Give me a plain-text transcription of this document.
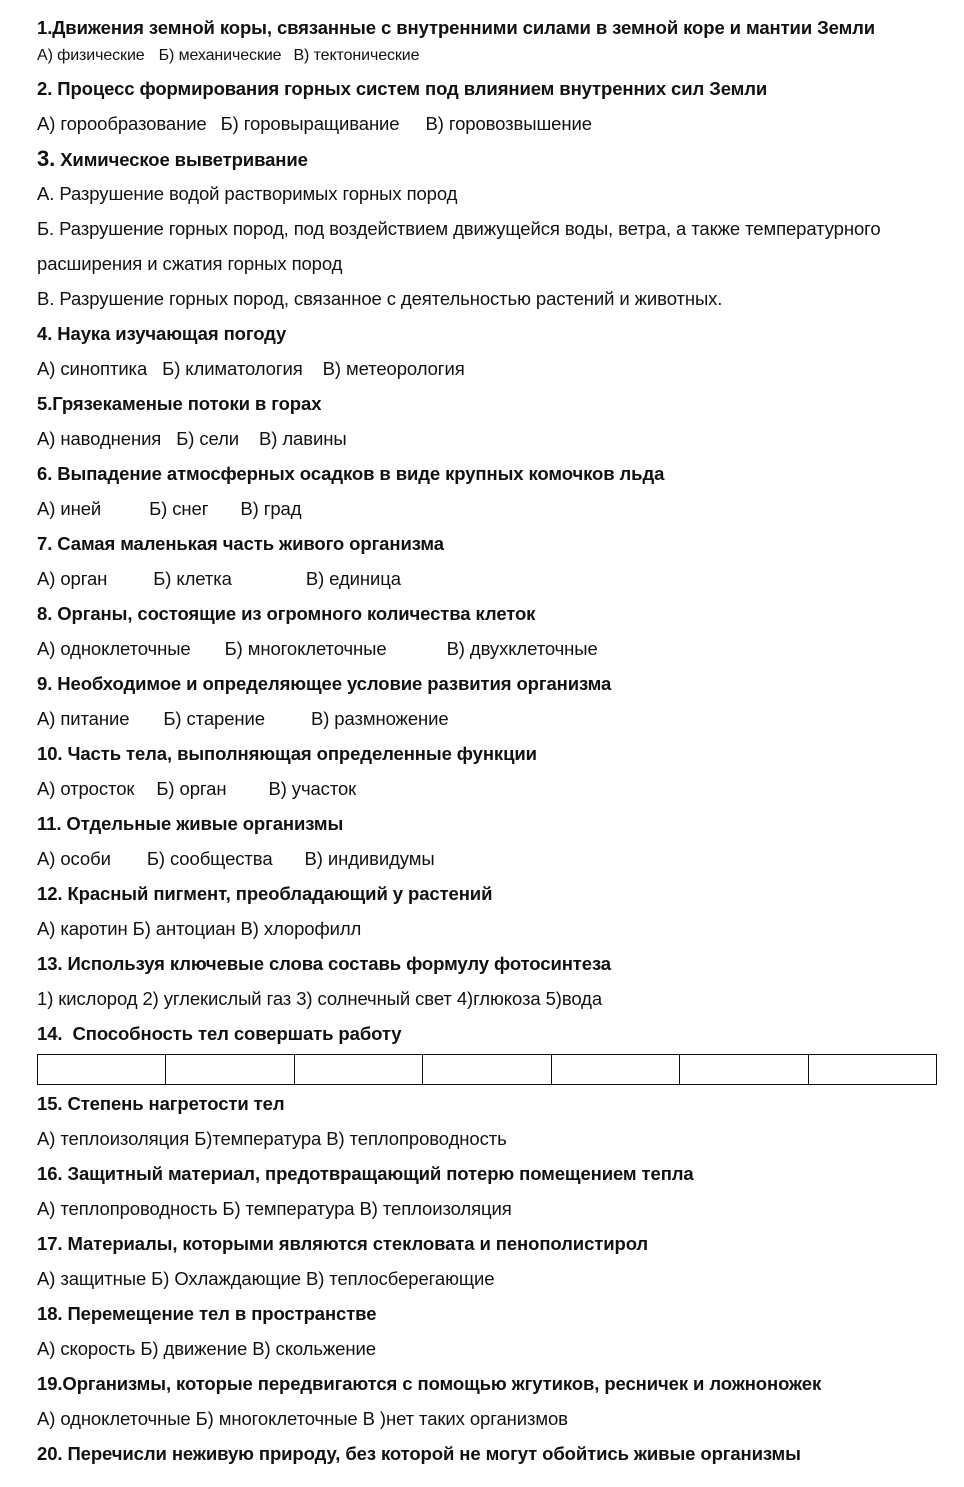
1.Движения земной коры, связанные с внутренними силами в земной коре и мантии Земли
А) физические Б) механические В) тектонические
2. Процесс формирования горных систем под влиянием внутренних сил Земли
А) горообразование Б) горовыращивание В) горовозвышение
3. Химическое выветривание
А. Разрушение водой растворимых горных пород
Б. Разрушение горных пород, под воздействием движущейся воды, ветра, а также температурного
расширения и сжатия горных пород
В. Разрушение горных пород, связанное с деятельностью растений и животных.
4. Наука изучающая погоду
А) синоптика Б) климатология В) метеорология
5.Грязекаменые потоки в горах
А) наводнения Б) сели В) лавины
6. Выпадение атмосферных осадков в виде крупных комочков льда
А) иней	Б) снег В) град
7. Самая маленькая часть живого организма
А) орган Б) клетка	В) единица
8. Органы, состоящие из огромного количества клеток
А) одноклеточные Б) многоклеточные	В) двухклеточные
9. Необходимое и определяющее условие развития организма
А) питание Б) старение В) размножение
10. Часть тела, выполняющая определенные функции
А) отросток Б) орган В) участок
11. Отдельные живые организмы
А) особи Б) сообщества В) индивидумы
12. Красный пигмент, преобладающий у растений
А) каротин Б) антоциан В) хлорофилл
13. Используя ключевые слова составь формулу фотосинтеза
1) кислород 2) углекислый газ 3) солнечный свет 4)глюкоза 5)вода
14.  Способность тел совершать работу

15. Степень нагретости тел
А) теплоизоляция Б)температура В) теплопроводность
16. Защитный материал, предотвращающий потерю помещением тепла
А) теплопроводность Б) температура В) теплоизоляция
17. Материалы, которыми являются стекловата и пенополистирол
А) защитные Б) Охлаждающие В) теплосберегающие
18. Перемещение тел в пространстве
А) скорость Б) движение В) скольжение
19.Организмы, которые передвигаются с помощью жгутиков, ресничек и ложноножек
А) одноклеточные Б) многоклеточные В )нет таких организмов
20. Перечисли неживую природу, без которой не могут обойтись живые организмы
